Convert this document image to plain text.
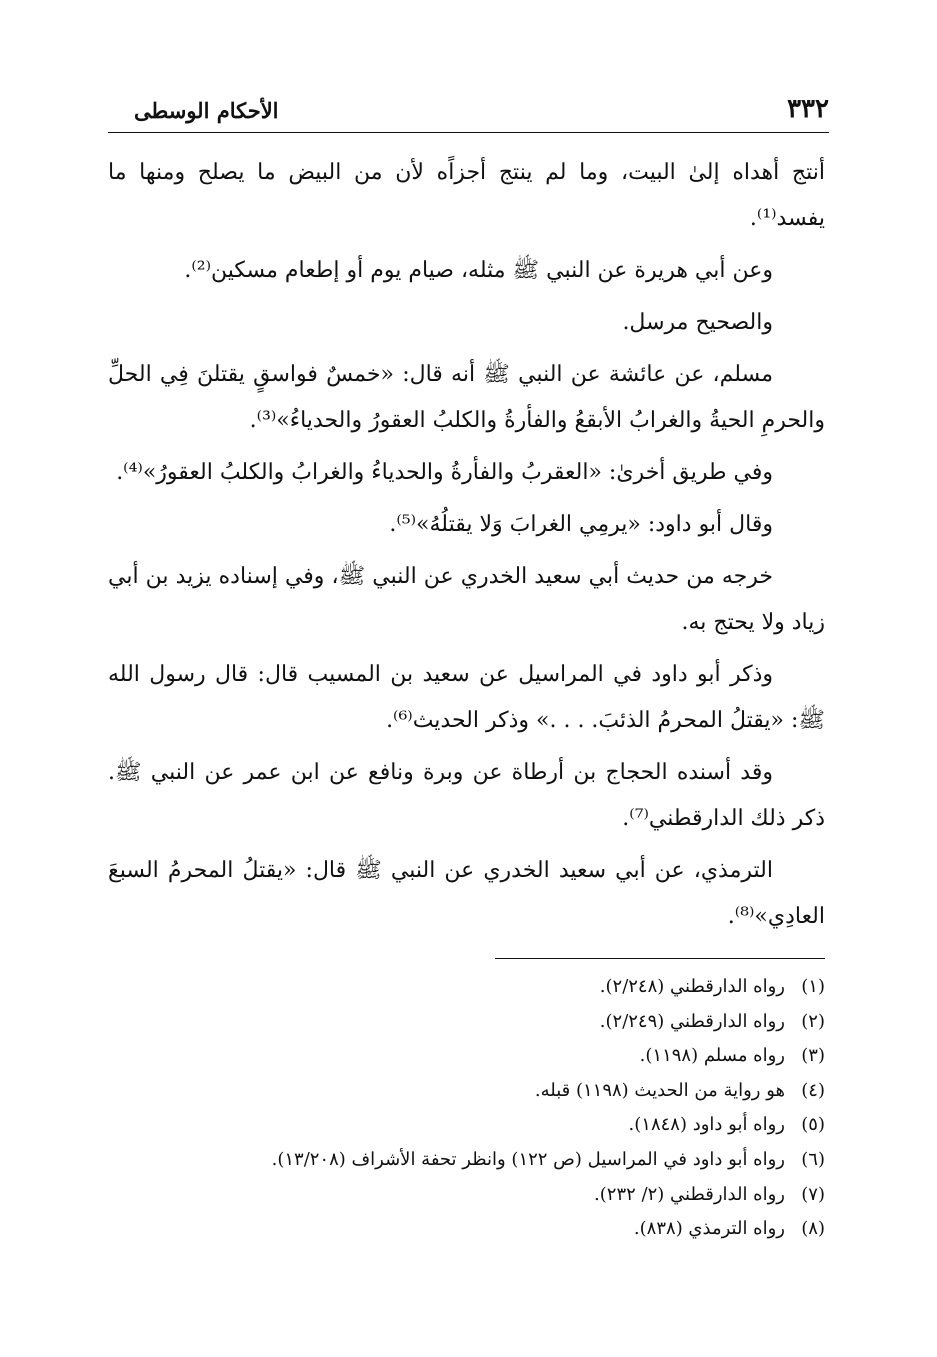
٣٣٢
الأحكام الوسطى

أنتج أهداه إلىٰ البيت، وما لم ينتج أجزاًه لأن من البيض ما يصلح ومنها ما يفسد⁽¹⁾.

وعن أبي هريرة عن النبي ﷺ مثله، صيام يوم أو إطعام مسكين⁽²⁾.

والصحيح مرسل.

مسلم، عن عائشة عن النبي ﷺ أنه قال: «خمسٌ فواسقٍ يقتلنَ فِي الحلِّ والحرمِ الحيةُ والغرابُ الأبقعُ والفأرةُ والكلبُ العقورُ والحدياءُ»⁽³⁾.

وفي طريق أخرىٰ: «العقربُ والفأرةُ والحدياءُ والغرابُ والكلبُ العقورُ»⁽⁴⁾.

وقال أبو داود: «يرمِي الغرابَ وَلا يقتلُهُ»⁽⁵⁾.

خرجه من حديث أبي سعيد الخدري عن النبي ﷺ، وفي إسناده يزيد بن أبي زياد ولا يحتج به.

وذكر أبو داود في المراسيل عن سعيد بن المسيب قال: قال رسول الله ﷺ: «يقتلُ المحرمُ الذئبَ. . . .» وذكر الحديث⁽⁶⁾.

وقد أسنده الحجاج بن أرطاة عن وبرة ونافع عن ابن عمر عن النبي ﷺ. ذكر ذلك الدارقطني⁽⁷⁾.

الترمذي، عن أبي سعيد الخدري عن النبي ﷺ قال: «يقتلُ المحرمُ السبعَ العادِي»⁽⁸⁾.

(١)رواه الدارقطني (٢/٢٤٨).
(٢)رواه الدارقطني (٢/٢٤٩).
(٣)رواه مسلم (١١٩٨).
(٤)هو رواية من الحديث (١١٩٨) قبله.
(٥)رواه أبو داود (١٨٤٨).
(٦)رواه أبو داود في المراسيل (ص ١٢٢) وانظر تحفة الأشراف (١٣/٢٠٨).
(٧)رواه الدارقطني (٢/ ٢٣٢).
(٨)رواه الترمذي (٨٣٨).
